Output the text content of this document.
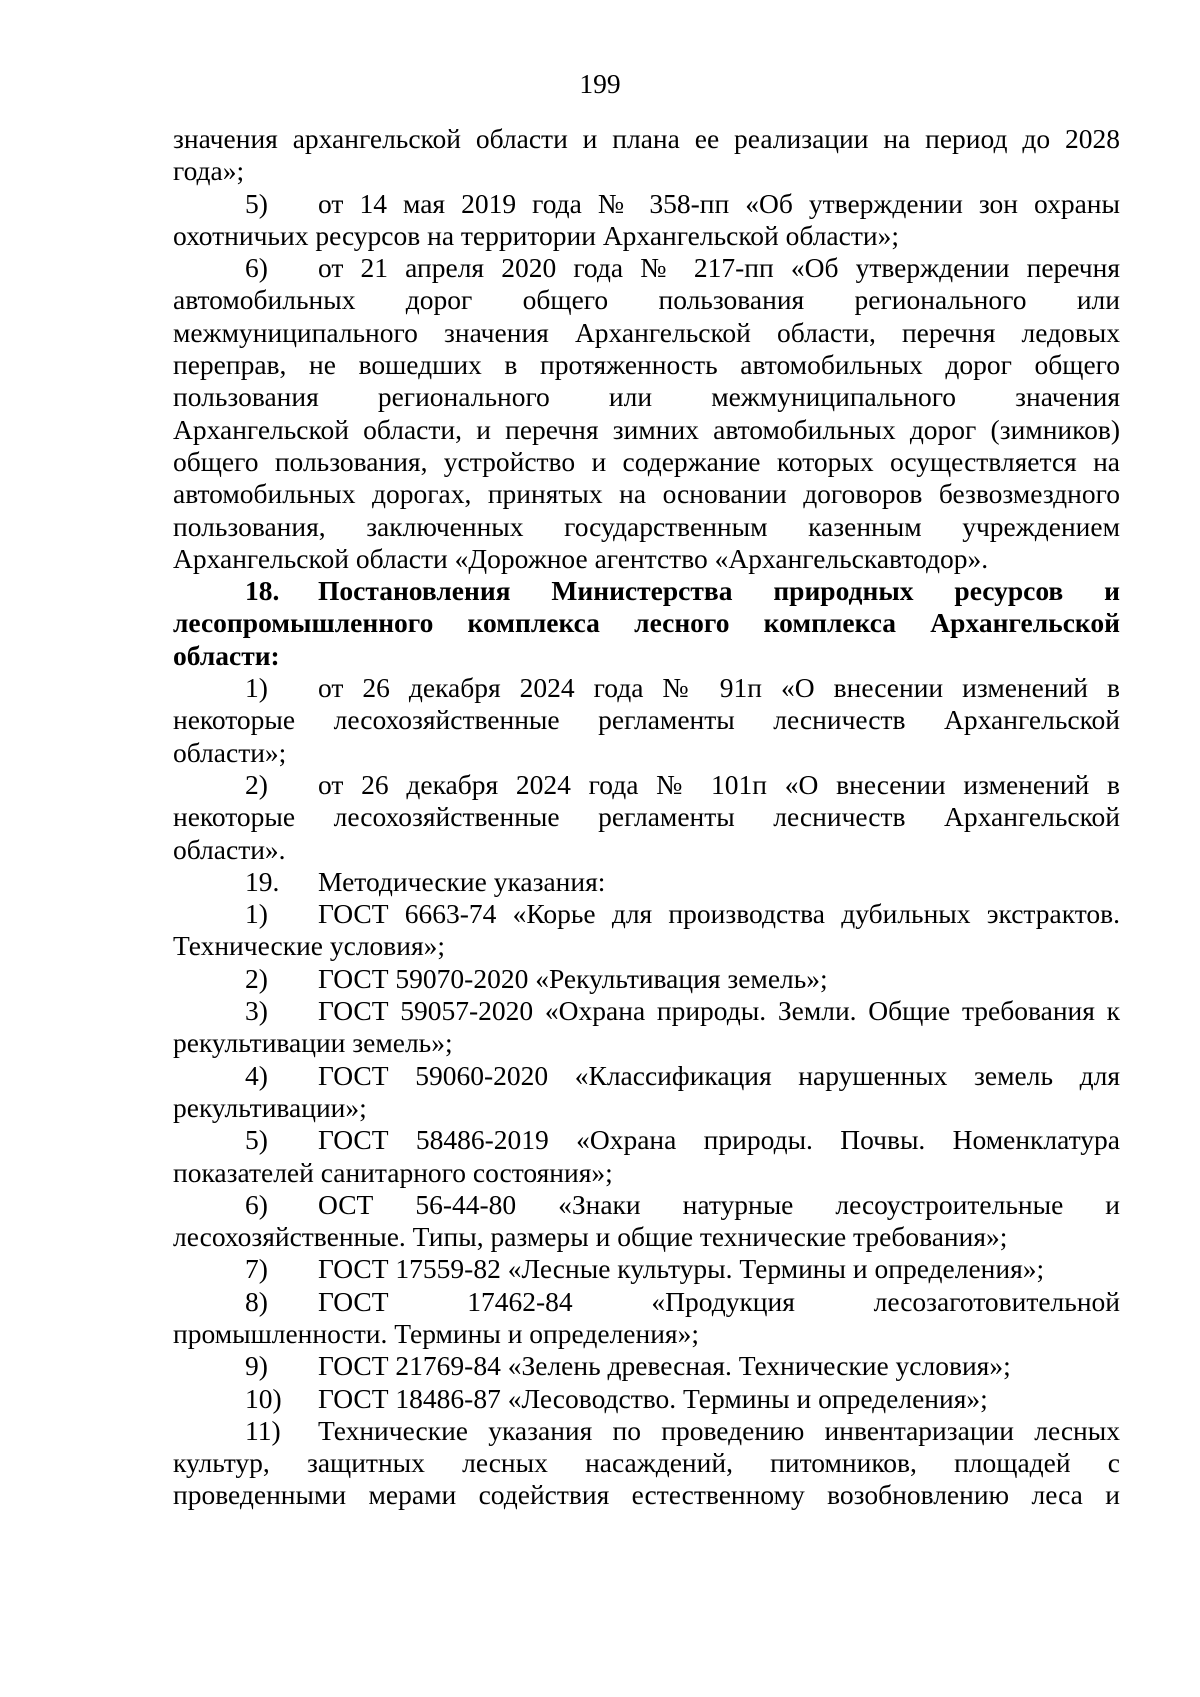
199
значения архангельской области и плана ее реализации на период до 2028
года»;
5)	от 14 мая 2019 года № 358-пп «Об утверждении зон охраны
охотничьих ресурсов на территории Архангельской области»;
6)	от 21 апреля 2020 года № 217-пп «Об утверждении перечня
автомобильных дорог общего пользования регионального или
межмуниципального значения Архангельской области, перечня ледовых
переправ, не вошедших в протяженность автомобильных дорог общего
пользования регионального или межмуниципального значения
Архангельской области, и перечня зимних автомобильных дорог (зимников)
общего пользования, устройство и содержание которых осуществляется на
автомобильных дорогах, принятых на основании договоров безвозмездного
пользования, заключенных государственным казенным учреждением
Архангельской области «Дорожное агентство «Архангельскавтодор».
18.	Постановления Министерства природных ресурсов и
лесопромышленного комплекса лесного комплекса Архангельской
области:
1)	от 26 декабря 2024 года № 91п «О внесении изменений в
некоторые лесохозяйственные регламенты лесничеств Архангельской
области»;
2)	от 26 декабря 2024 года № 101п «О внесении изменений в
некоторые лесохозяйственные регламенты лесничеств Архангельской
области».
19.	Методические указания:
1)	ГОСТ 6663-74 «Корье для производства дубильных экстрактов.
Технические условия»;
2)	ГОСТ 59070-2020 «Рекультивация земель»;
3)	ГОСТ 59057-2020 «Охрана природы. Земли. Общие требования к
рекультивации земель»;
4)	ГОСТ 59060-2020 «Классификация нарушенных земель для
рекультивации»;
5)	ГОСТ 58486-2019 «Охрана природы. Почвы. Номенклатура
показателей санитарного состояния»;
6)	ОСТ 56-44-80 «Знаки натурные лесоустроительные и
лесохозяйственные. Типы, размеры и общие технические требования»;
7)	ГОСТ 17559-82 «Лесные культуры. Термины и определения»;
8)	ГОСТ 17462-84 «Продукция лесозаготовительной
промышленности. Термины и определения»;
9)	ГОСТ 21769-84 «Зелень древесная. Технические условия»;
10)	ГОСТ 18486-87 «Лесоводство. Термины и определения»;
11)	Технические указания по проведению инвентаризации лесных
культур, защитных лесных насаждений, питомников, площадей с
проведенными мерами содействия естественному возобновлению леса и
